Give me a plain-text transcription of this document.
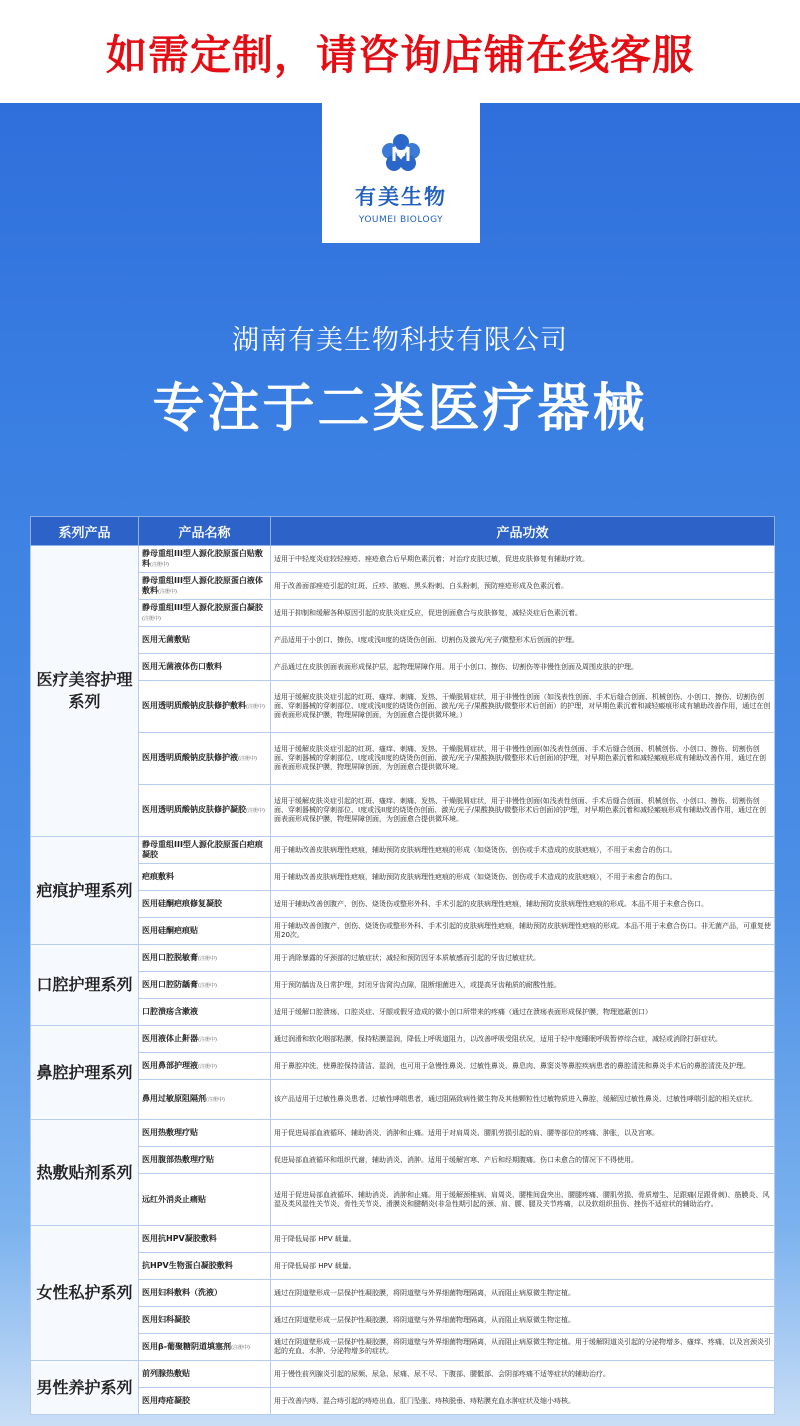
如需定制，请咨询店铺在线客服
有美生物
YOUMEI BIOLOGY
湖南有美生物科技有限公司
专注于二类医疗器械
系列产品	产品名称	产品功效
医疗美容护理系列	静母重组III型人源化胶原蛋白贴敷料(注册中)	适用于中轻度炎症较轻痤疮、痤疮愈合后早期色素沉着；对治疗皮肤过敏，促进皮肤修复有辅助疗效。
	静母重组III型人源化胶原蛋白液体敷料(注册中)	用于改善面部痤疮引起的红斑、丘疹、脓疱、黑头粉刺、白头粉刺，预防痤疮形成及色素沉着。
	静母重组III型人源化胶原蛋白凝胶(注册中)	适用于抑制和缓解各种原因引起的皮肤炎症反应，促进创面愈合与皮肤修复，减轻炎症后色素沉着。
	医用无菌敷贴	产品适用于小创口、擦伤、I度或浅II度的烧烫伤创面、切割伤及激光/光子/微整形术后创面的护理。
	医用无菌液体伤口敷料	产品通过在皮肤创面表面形成保护层，起物理屏障作用。用于小创口、擦伤、切割伤等非慢性创面及周围皮肤的护理。
	医用透明质酸钠皮肤修护敷料(注册中)	适用于缓解皮肤炎症引起的红斑、瘙痒、刺痛、发热、干燥脱屑症状，用于非慢性创面（如浅表性创面、手术后缝合创面、机械创伤、小创口、擦伤、切割伤创面、穿刺器械的穿刺部位、I度或浅II度的烧烫伤创面、激光/光子/果酸换肤/微整形术后创面）的护理，对早期色素沉着和减轻瘢痕形成有辅助改善作用，通过在创面表面形成保护膜，物理屏障创面，为创面愈合提供微环境。）
	医用透明质酸钠皮肤修护液(注册中)	适用于缓解皮肤炎症引起的红斑、瘙痒、刺痛、发热、干燥脱屑症状，用于非慢性创面(如浅表性创面、手术后缝合创面、机械创伤、小创口、擦伤、切割伤创面、穿刺器械的穿刺部位、I度或浅II度的烧烫伤创面、激光/光子/果酸换肤/微整形术后创面)的护理，对早期色素沉着和减轻瘢痕形成有辅助改善作用，通过在创面表面形成保护膜，物理屏障创面，为创面愈合提供微环境。
	医用透明质酸钠皮肤修护凝胶(注册中)	适用于缓解皮肤炎症引起的红斑、瘙痒、刺痛、发热、干燥脱屑症状，用于非慢性创面(如浅表性创面、手术后缝合创面、机械创伤、小创口、擦伤、切割伤创面、穿刺器械的穿刺部位、I度或浅II度的烧烫伤创面、激光/光子/果酸换肤/微整形术后创面)的护理，对早期色素沉着和减轻瘢痕形成有辅助改善作用，通过在创面表面形成保护膜，物理屏障创面，为创面愈合提供微环境。
疤痕护理系列	静母重组III型人源化胶原蛋白疤痕凝胶	用于辅助改善皮肤病理性疤痕，辅助预防皮肤病理性疤痕的形成（如烧烫伤、创伤或手术造成的皮肤疤痕），不用于未愈合的伤口。
	疤痕敷料	用于辅助改善皮肤病理性疤痕，辅助预防皮肤病理性疤痕的形成（如烧烫伤、创伤或手术造成的皮肤疤痕），不用于未愈合的伤口。
	医用硅酮疤痕修复凝胶	适用于辅助改善创腹产、创伤、烧烫伤或整形外科、手术引起的皮肤病理性疤痕，辅助预防皮肤病理性疤痕的形成。本品不用于未愈合伤口。
	医用硅酮疤痕贴	用于辅助改善创腹产、创伤、烧烫伤或整形外科、手术引起的皮肤病理性疤痕，辅助预防皮肤病理性疤痕的形成。本品不用于未愈合伤口。非无菌产品，可重复使用20次。
口腔护理系列	医用口腔脱敏膏(注册中)	用于消除暴露的牙颈部的过敏症状；减轻和预防因牙本质敏感而引起的牙齿过敏症状。
	医用口腔防龋膏(注册中)	用于预防龋齿及日常护理，封闭牙齿窝沟点隙，阻断细菌进入，或提高牙齿釉质的耐酸性能。
	口腔溃疡含漱液	适用于缓解口腔溃疡、口腔炎症、牙龈或假牙造成的微小创口所带来的疼痛（通过在溃疡表面形成保护膜，物理遮蔽创口）
鼻腔护理系列	医用液体止鼾器(注册中)	通过润滑和软化咽部粘膜，保持粘膜湿润，降低上呼吸道阻力，以改善呼吸受阻状况，适用于轻中度睡眠呼吸暂停综合症，减轻或消除打鼾症状。
	医用鼻部护理液(注册中)	用于鼻腔冲洗，使鼻腔保持清洁、湿润，也可用于急慢性鼻炎、过敏性鼻炎、鼻息肉、鼻窦炎等鼻腔疾病患者的鼻腔清洗和鼻炎手术后的鼻腔清洗及护理。
	鼻用过敏原阻隔剂(注册中)	该产品适用于过敏性鼻炎患者、过敏性哮喘患者，通过阻隔致病性微生物及其他颗粒性过敏物质进入鼻腔，缓解因过敏性鼻炎、过敏性哮喘引起的相关症状。
热敷贴剂系列	医用热敷理疗贴	用于促进局部血液循环、辅助消炎、消肿和止痛。适用于对肩周炎、腰肌劳损引起的肩、腰等部位的疼痛、肿胀，以及宫寒。
	医用腹部热敷理疗贴	促进局部血液循环和组织代谢，辅助消炎、消肿。适用于缓解宫寒、产后和经期腹痛。伤口未愈合的情况下不得使用。
	远红外消炎止痛贴	适用于促进局部血液循环、辅助消炎、消肿和止痛。用于缓解颈椎病、肩周炎、腰椎间盘突出、腰腿疼痛、腰肌劳损、骨质增生、足跟痛(足跟骨刺)、筋膜炎、风湿及类风湿性关节炎、骨性关节炎、滑膜炎和腱鞘炎(非急性期引起的颈、肩、腰、腿及关节疼痛，以及软组织扭伤、挫伤不适症状的辅助治疗。
女性私护系列	医用抗HPV凝胶敷料	用于降低局部 HPV 载量。
	抗HPV生物蛋白凝胶敷料	用于降低局部 HPV 载量。
	医用妇科敷料（洗液）	通过在阴道壁形成一层保护性凝胶膜，将阴道壁与外界细菌物理隔离，从而阻止病原微生物定植。
	医用妇科凝胶	通过在阴道壁形成一层保护性凝胶膜，将阴道壁与外界细菌物理隔离，从而阻止病原微生物定植。
	医用β-葡聚糖阴道填塞剂(注册中)	通过在阴道壁形成一层保护性凝胶膜，将阴道壁与外界细菌物理隔离，从而阻止病原微生物定植。用于缓解阴道炎引起的分泌物增多、瘙痒、疼痛，以及宫颈炎引起的充血、水肿、分泌物增多的症状。
男性养护系列	前列腺热敷贴	用于慢性前列腺炎引起的尿频、尿急、尿痛、尿不尽、下腹部、腰骶部、会阴部疼痛不适等症状的辅助治疗。
	医用痔疮凝胶	用于改善内痔、混合痔引起的痔疮出血、肛门坠胀、痔核脱垂、痔粘膜充血水肿症状及缩小痔核。
